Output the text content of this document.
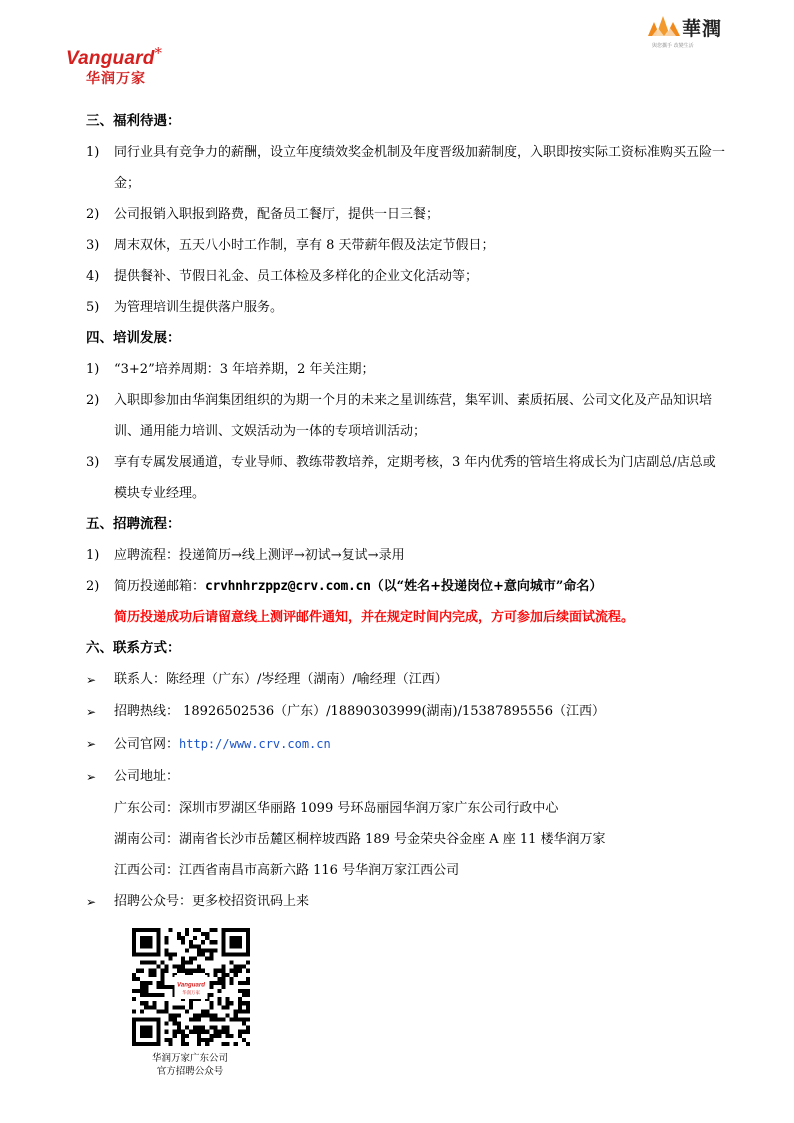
Vanguard*
华润万家
華潤
與您攜手 改變生活
三、福利待遇：
1)	同行业具有竞争力的薪酬，设立年度绩效奖金机制及年度晋级加薪制度，入职即按实际工资标准购买五险一金；
2)	公司报销入职报到路费，配备员工餐厅，提供一日三餐；
3)	周末双休，五天八小时工作制，享有 8 天带薪年假及法定节假日；
4)	提供餐补、节假日礼金、员工体检及多样化的企业文化活动等；
5)	为管理培训生提供落户服务。
四、培训发展：
1)	“3+2”培养周期：3 年培养期，2 年关注期；
2)	入职即参加由华润集团组织的为期一个月的未来之星训练营，集军训、素质拓展、公司文化及产品知识培训、通用能力培训、文娱活动为一体的专项培训活动；
3)	享有专属发展通道，专业导师、教练带教培养，定期考核，3 年内优秀的管培生将成长为门店副总/店总或模块专业经理。
五、招聘流程：
1)	应聘流程：投递简历→线上测评→初试→复试→录用
2)	简历投递邮箱：crvhnhrzppz@crv.com.cn（以“姓名+投递岗位+意向城市”命名）
简历投递成功后请留意线上测评邮件通知，并在规定时间内完成，方可参加后续面试流程。
六、联系方式：
➢	联系人：陈经理（广东）/岑经理（湖南）/喻经理（江西）
➢	招聘热线： 18926502536（广东）/18890303999(湖南)/15387895556（江西）
➢	公司官网：http://www.crv.com.cn
➢	公司地址：
广东公司：深圳市罗湖区华丽路 1099 号环岛丽园华润万家广东公司行政中心
湖南公司：湖南省长沙市岳麓区桐梓坡西路 189 号金荣央谷金座 A 座 11 楼华润万家
江西公司：江西省南昌市高新六路 116 号华润万家江西公司
➢	招聘公众号：更多校招资讯码上来
Vanguard
华润万家
华润万家广东公司
官方招聘公众号
